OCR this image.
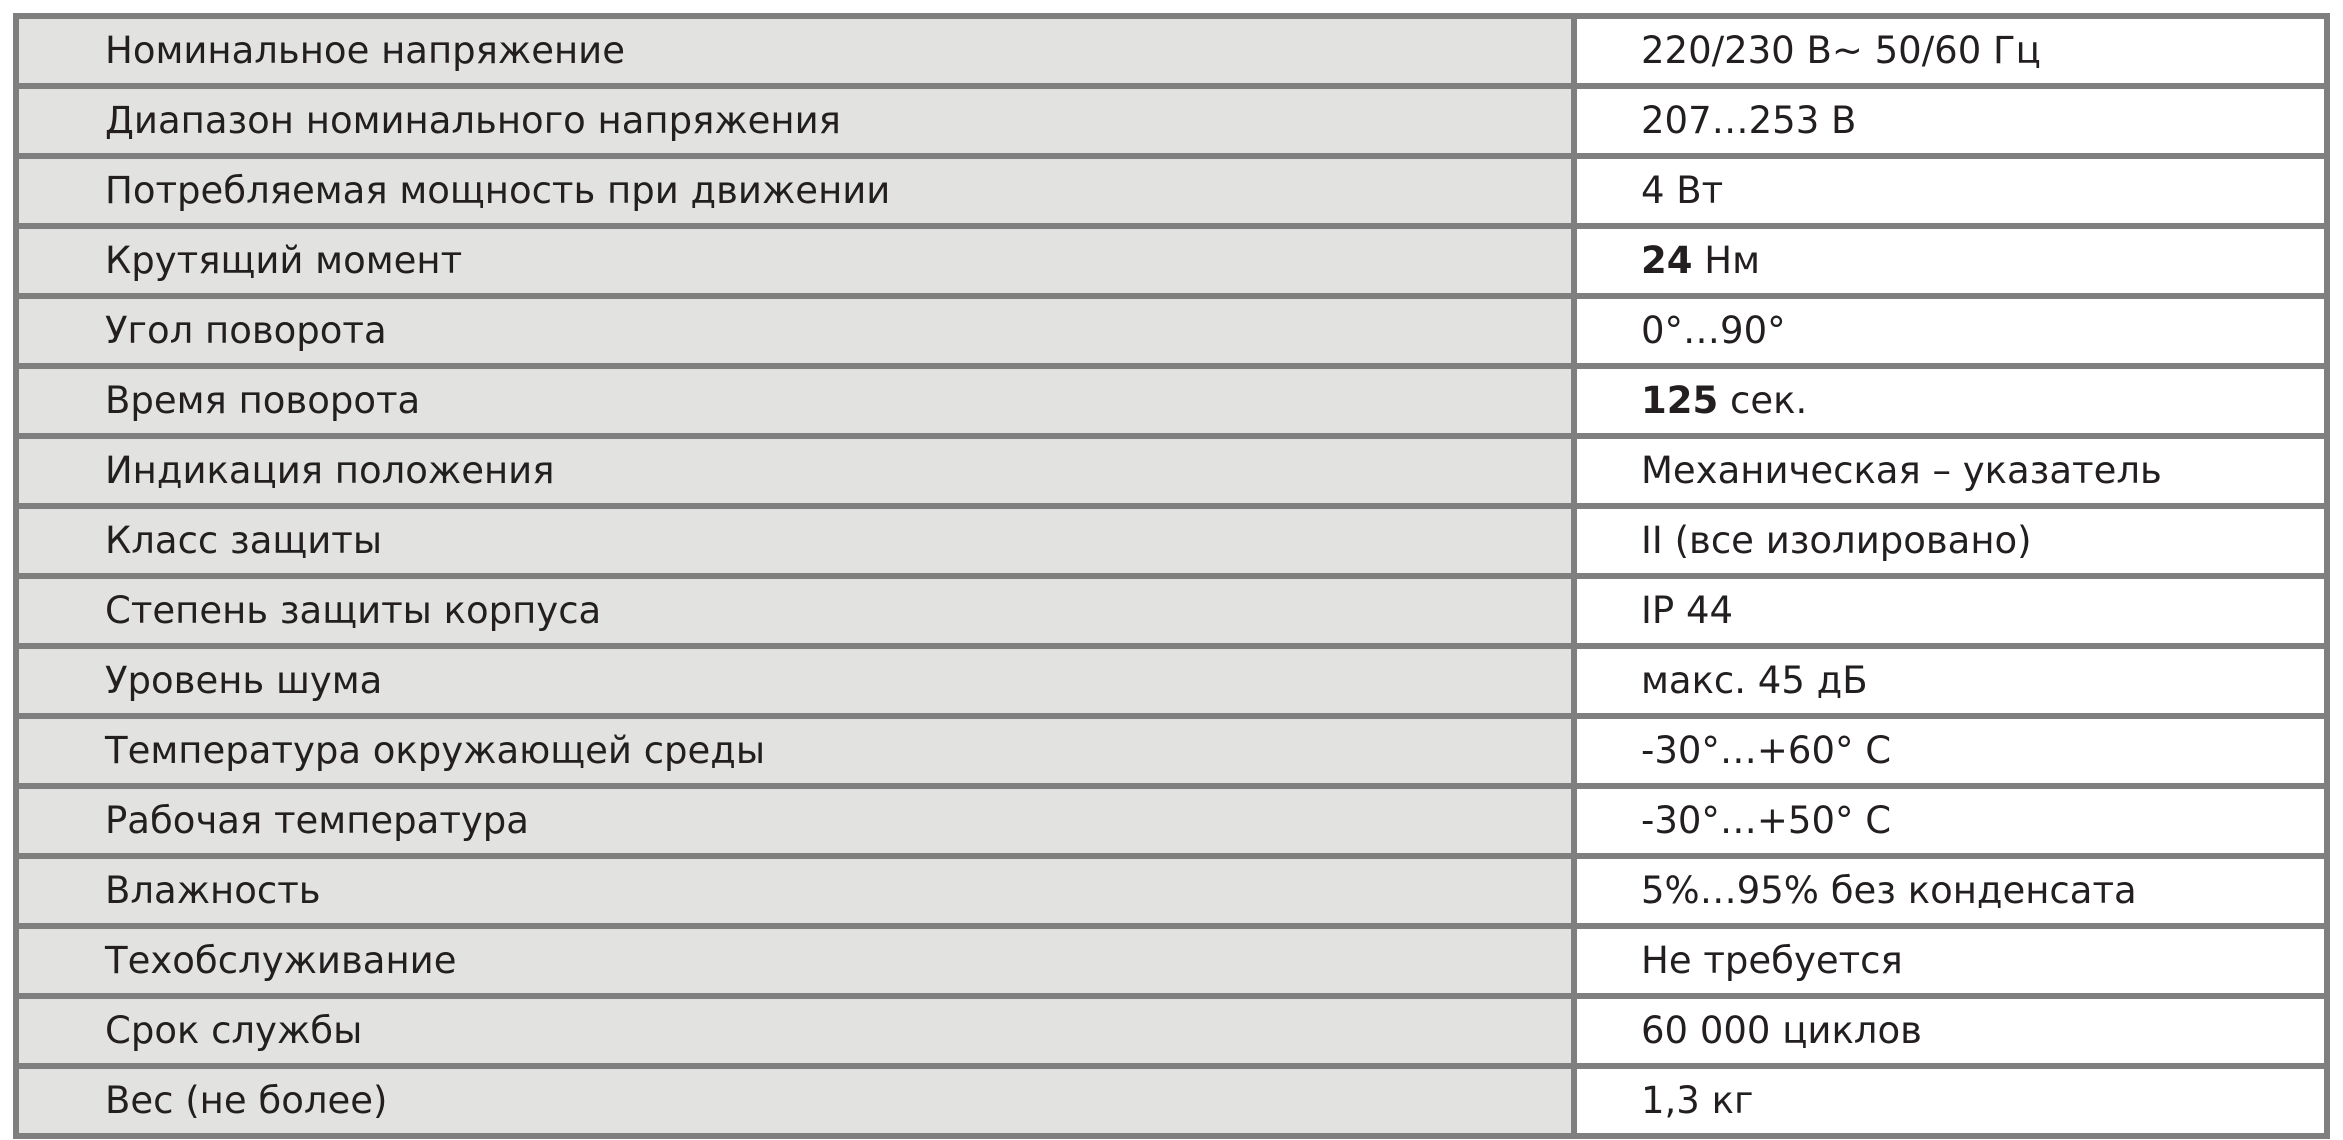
Номинальное напряжение	220/230 В~ 50/60 Гц
Диапазон номинального напряжения	207…253 В
Потребляемая мощность при движении	4 Вт
Крутящий момент	24 Нм
Угол поворота	0°…90°
Время поворота	125 сек.
Индикация положения	Механическая – указатель
Класс защиты	II (все изолировано)
Степень защиты корпуса	IP 44
Уровень шума	макс. 45 дБ
Температура окружающей среды	-30°…+60° С
Рабочая температура	-30°…+50° С
Влажность	5%…95% без конденсата
Техобслуживание	Не требуется
Срок службы	60 000 циклов
Вес (не более)	1,3 кг
